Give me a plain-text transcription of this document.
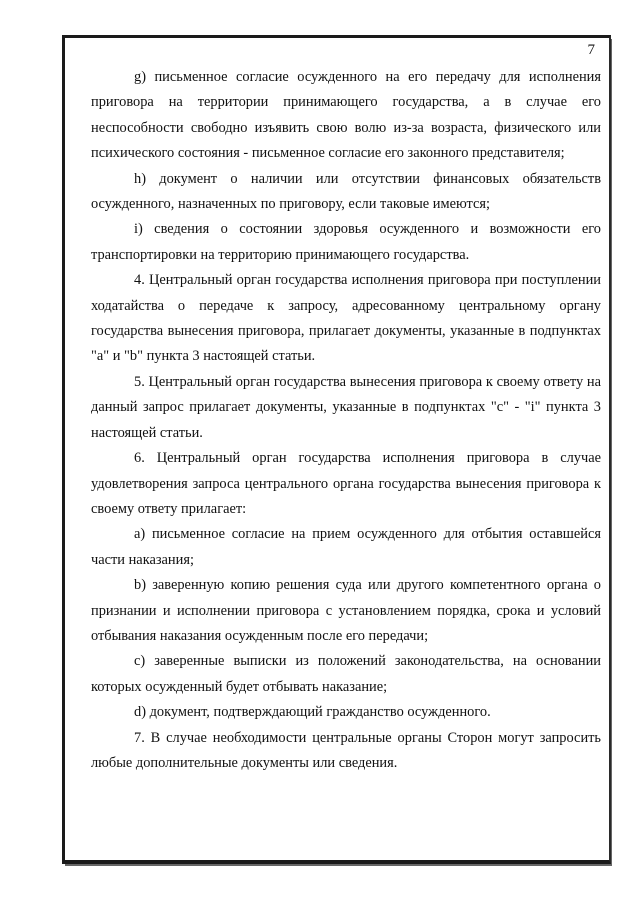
7

g) письменное согласие осужденного на его передачу для исполнения приговора на территории принимающего государства, а в случае его неспособности свободно изъявить свою волю из-за возраста, физического или психического состояния - письменное согласие его законного представителя;

h) документ о наличии или отсутствии финансовых обязательств осужденного, назначенных по приговору, если таковые имеются;

i) сведения о состоянии здоровья осужденного и возможности его транспортировки на территорию принимающего государства.

4. Центральный орган государства исполнения приговора при поступлении ходатайства о передаче к запросу, адресованному центральному органу государства вынесения приговора, прилагает документы, указанные в подпунктах "а" и "b" пункта 3 настоящей статьи.

5. Центральный орган государства вынесения приговора к своему ответу на данный запрос прилагает документы, указанные в подпунктах "c" - "i" пункта 3 настоящей статьи.

6. Центральный орган государства исполнения приговора в случае удовлетворения запроса центрального органа государства вынесения приговора к своему ответу прилагает:

а) письменное согласие на прием осужденного для отбытия оставшейся части наказания;

b) заверенную копию решения суда или другого компетентного органа о признании и исполнении приговора с установлением порядка, срока и условий отбывания наказания осужденным после его передачи;

c) заверенные выписки из положений законодательства, на основании которых осужденный будет отбывать наказание;

d) документ, подтверждающий гражданство осужденного.

7. В случае необходимости центральные органы Сторон могут запросить любые дополнительные документы или сведения.
